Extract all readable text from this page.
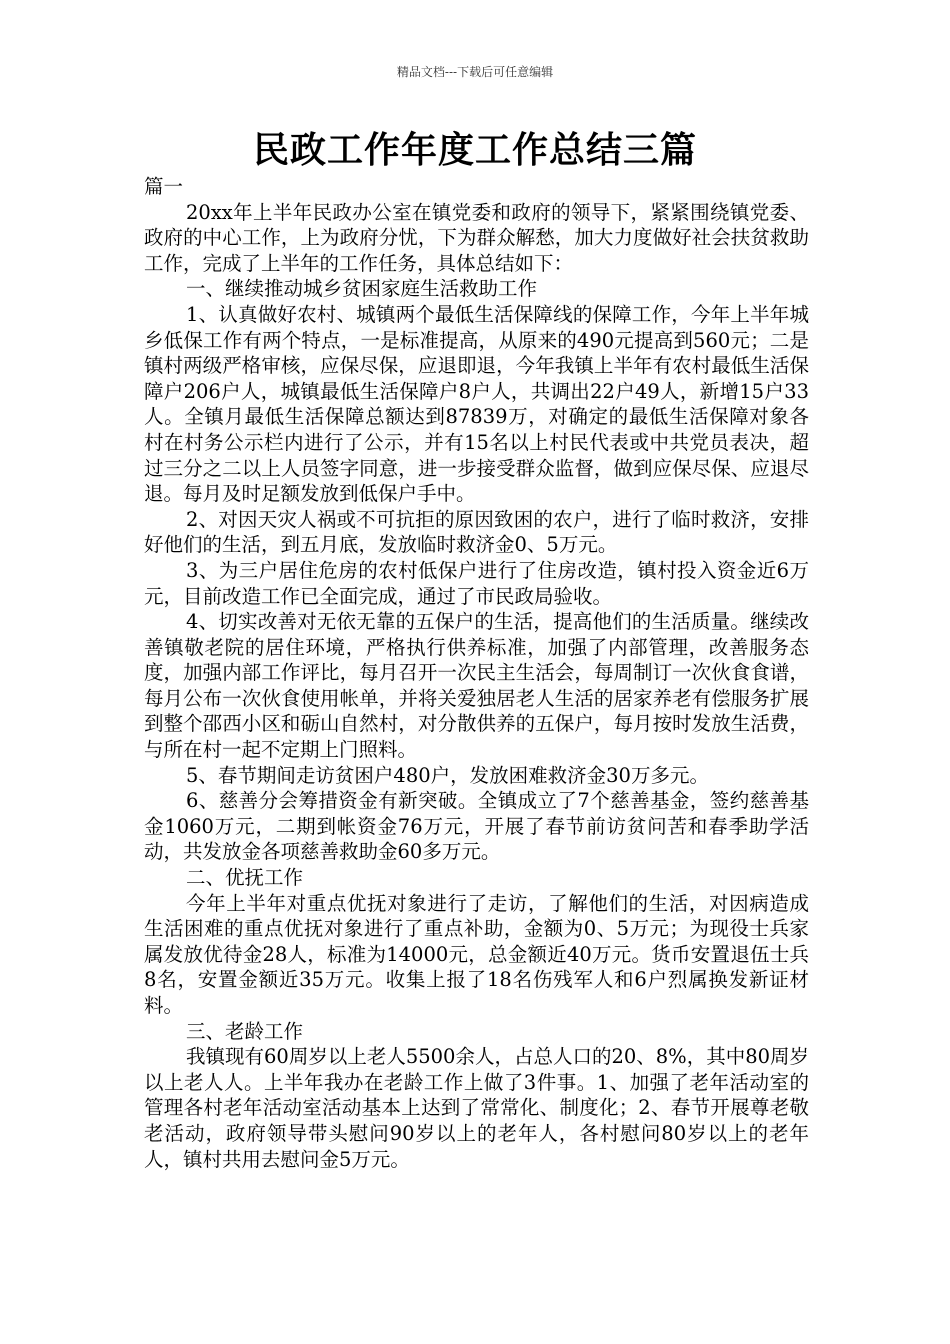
精品文档---下载后可任意编辑
民政工作年度工作总结三篇

篇一

20xx年上半年民政办公室在镇党委和政府的领导下，紧紧围绕镇党委、政府的中心工作，上为政府分忧，下为群众解愁，加大力度做好社会扶贫救助工作，完成了上半年的工作任务，具体总结如下：

一、继续推动城乡贫困家庭生活救助工作

1、认真做好农村、城镇两个最低生活保障线的保障工作，今年上半年城乡低保工作有两个特点，一是标准提高，从原来的490元提高到560元；二是镇村两级严格审核，应保尽保，应退即退，今年我镇上半年有农村最低生活保障户206户人，城镇最低生活保障户8户人，共调出22户49人，新增15户33人。全镇月最低生活保障总额达到87839万，对确定的最低生活保障对象各村在村务公示栏内进行了公示，并有15名以上村民代表或中共党员表决，超过三分之二以上人员签字同意，进一步接受群众监督，做到应保尽保、应退尽退。每月及时足额发放到低保户手中。

2、对因天灾人祸或不可抗拒的原因致困的农户，进行了临时救济，安排好他们的生活，到五月底，发放临时救济金0、5万元。

3、为三户居住危房的农村低保户进行了住房改造，镇村投入资金近6万元，目前改造工作已全面完成，通过了市民政局验收。

4、切实改善对无依无靠的五保户的生活，提高他们的生活质量。继续改善镇敬老院的居住环境，严格执行供养标准，加强了内部管理，改善服务态度，加强内部工作评比，每月召开一次民主生活会，每周制订一次伙食食谱，每月公布一次伙食使用帐单，并将关爱独居老人生活的居家养老有偿服务扩展到整个邵西小区和砺山自然村，对分散供养的五保户，每月按时发放生活费，与所在村一起不定期上门照料。

5、春节期间走访贫困户480户，发放困难救济金30万多元。

6、慈善分会筹措资金有新突破。全镇成立了7个慈善基金，签约慈善基金1060万元，二期到帐资金76万元，开展了春节前访贫问苦和春季助学活动，共发放金各项慈善救助金60多万元。

二、优抚工作

今年上半年对重点优抚对象进行了走访，了解他们的生活，对因病造成生活困难的重点优抚对象进行了重点补助，金额为0、5万元；为现役士兵家属发放优待金28人，标准为14000元，总金额近40万元。货币安置退伍士兵8名，安置金额近35万元。收集上报了18名伤残军人和6户烈属换发新证材料。

三、老龄工作

我镇现有60周岁以上老人5500余人，占总人口的20、8%，其中80周岁以上老人人。上半年我办在老龄工作上做了3件事。1、加强了老年活动室的管理各村老年活动室活动基本上达到了常常化、制度化；2、春节开展尊老敬老活动，政府领导带头慰问90岁以上的老年人，各村慰问80岁以上的老年人，镇村共用去慰问金5万元。
